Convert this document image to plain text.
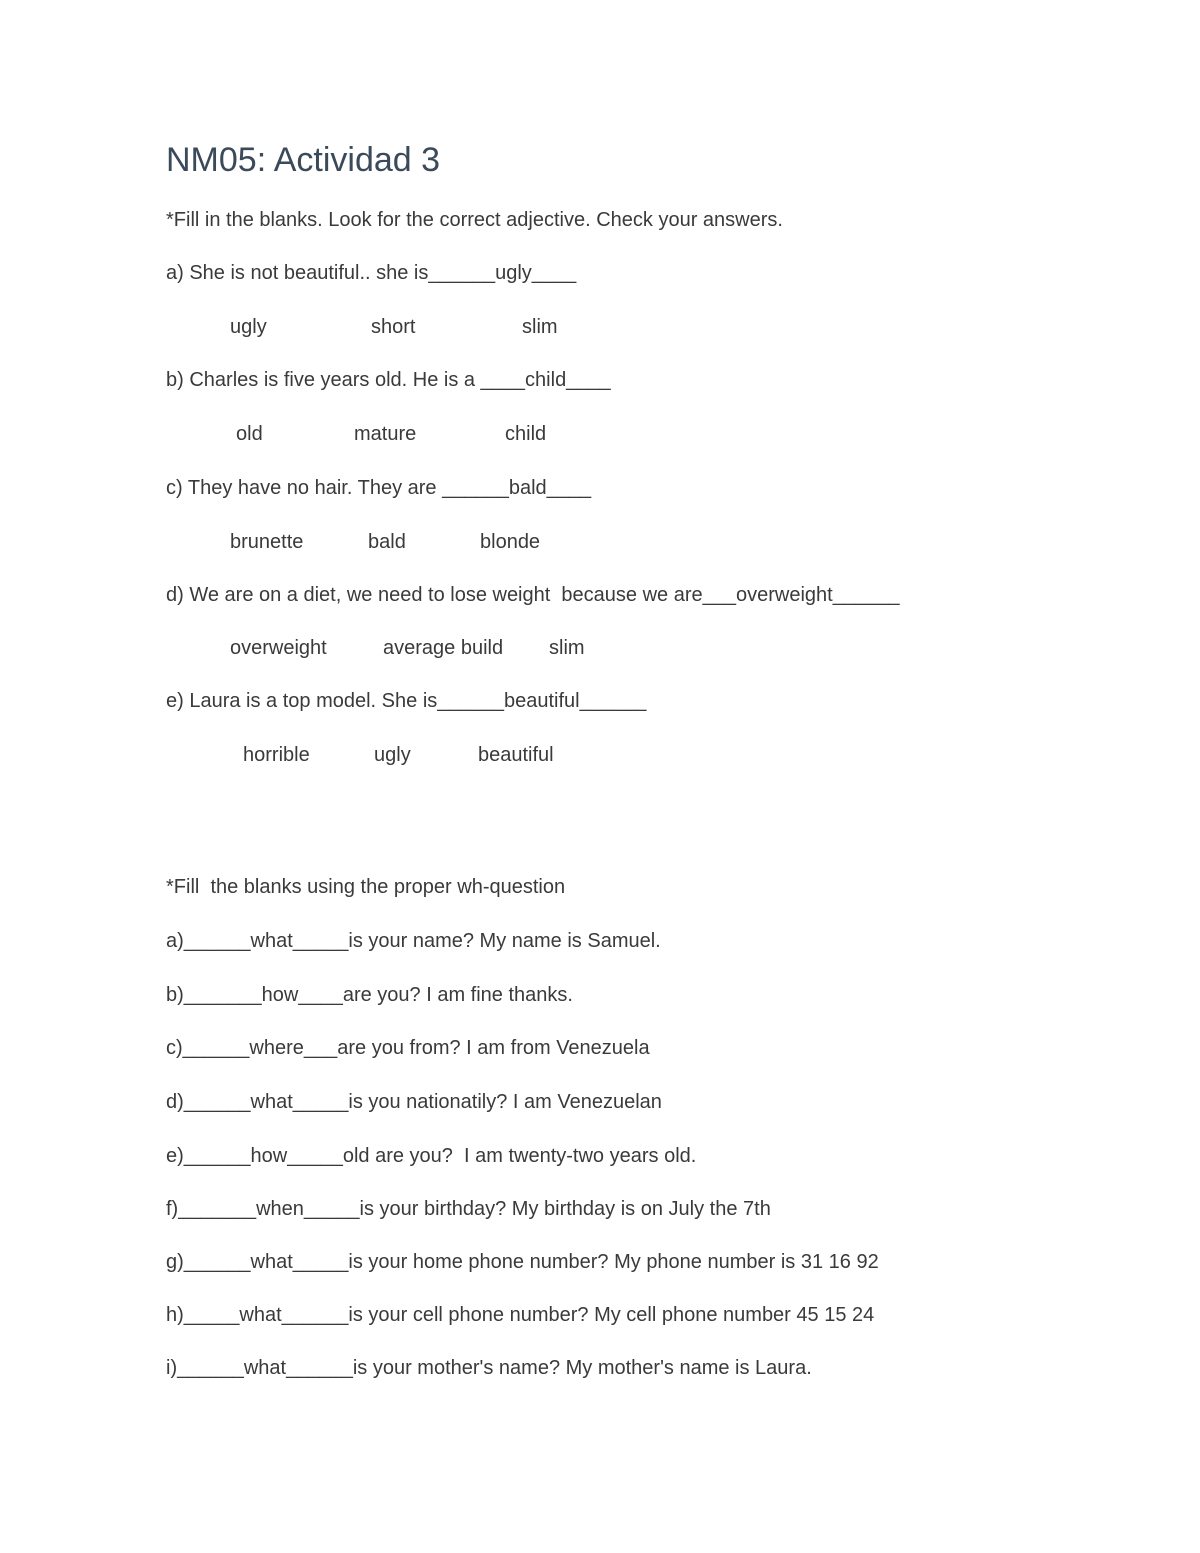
NM05: Actividad 3
*Fill in the blanks. Look for the correct adjective. Check your answers.
a) She is not beautiful.. she is______ugly____
ugly	short	slim
b) Charles is five years old. He is a ____child____
old	mature	child
c) They have no hair. They are ______bald____
brunette	bald	blonde
d) We are on a diet, we need to lose weight  because we are___overweight______
overweight	average build slim
e) Laura is a top model. She is______beautiful______
horrible	ugly	beautiful
*Fill  the blanks using the proper wh-question
a)______what_____is your name? My name is Samuel.
b)_______how____are you? I am fine thanks.
c)______where___are you from? I am from Venezuela
d)______what_____is you nationatily? I am Venezuelan
e)______how_____old are you?  I am twenty-two years old.
f)_______when_____is your birthday? My birthday is on July the 7th
g)______what_____is your home phone number? My phone number is 31 16 92
h)_____what______is your cell phone number? My cell phone number 45 15 24
i)______what______is your mother's name? My mother's name is Laura.
